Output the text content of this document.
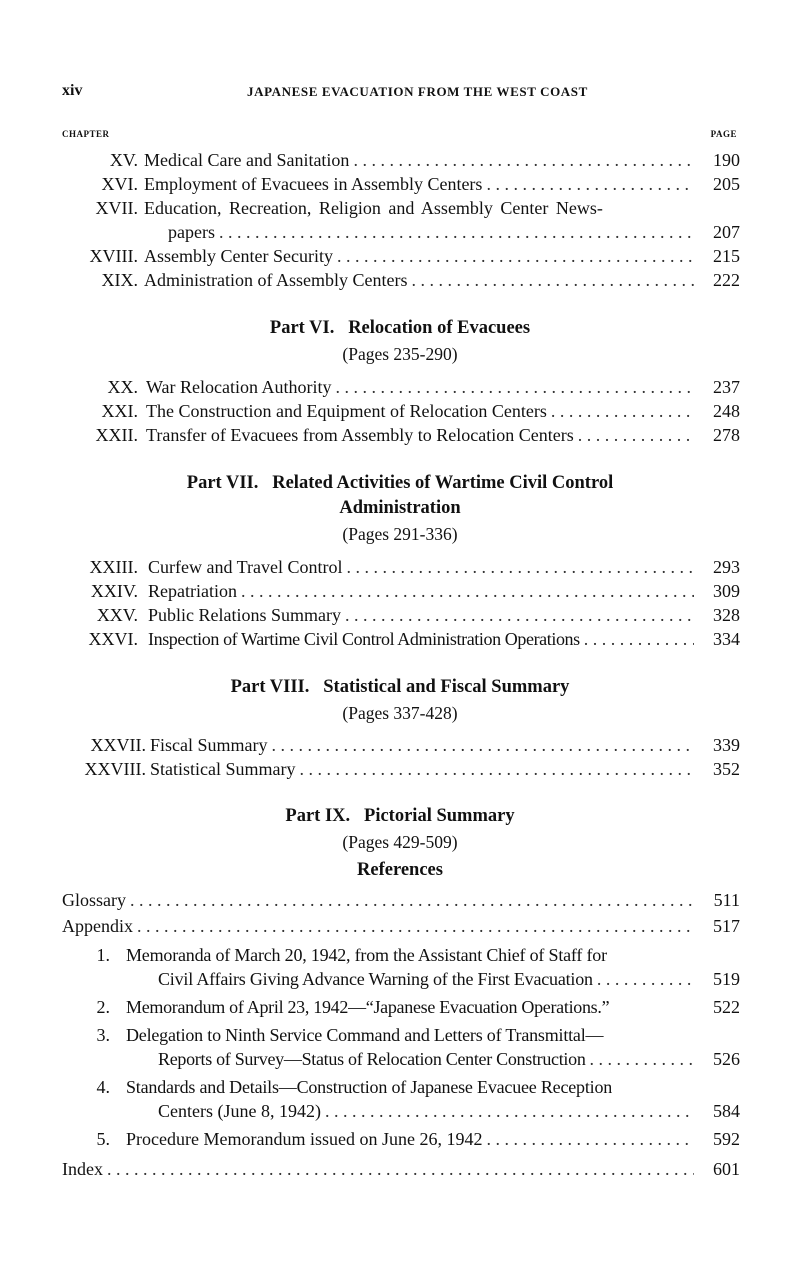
xiv	JAPANESE EVACUATION FROM THE WEST COAST
CHAPTER	PAGE
XV. Medical Care and Sanitation . . .	190
XVI. Employment of Evacuees in Assembly Centers . . .	205
XVII. Education, Recreation, Religion and Assembly Center News-
papers . . .	207
XVIII. Assembly Center Security . . .	215
XIX. Administration of Assembly Centers . . .	222
Part VI.   Relocation of Evacuees
(Pages 235-290)
XX. War Relocation Authority . . .	237
XXI. The Construction and Equipment of Relocation Centers . . .	248
XXII. Transfer of Evacuees from Assembly to Relocation Centers . . .	278
Part VII.   Related Activities of Wartime Civil Control
Administration
(Pages 291-336)
XXIII. Curfew and Travel Control . . .	293
XXIV. Repatriation . . .	309
XXV. Public Relations Summary . . .	328
XXVI. Inspection of Wartime Civil Control Administration Operations . . .	334
Part VIII.   Statistical and Fiscal Summary
(Pages 337-428)
XXVII. Fiscal Summary . . .	339
XXVIII. Statistical Summary . . .	352
Part IX.   Pictorial Summary
(Pages 429-509)
References
Glossary . . .	511
Appendix . . .	517
1. Memoranda of March 20, 1942, from the Assistant Chief of Staff for
Civil Affairs Giving Advance Warning of the First Evacuation . . .	519
2. Memorandum of April 23, 1942—“Japanese Evacuation Operations.”	522
3. Delegation to Ninth Service Command and Letters of Transmittal—
Reports of Survey—Status of Relocation Center Construction . . .	526
4. Standards and Details—Construction of Japanese Evacuee Reception
Centers (June 8, 1942) . . .	584
5. Procedure Memorandum issued on June 26, 1942 . . .	592
Index . . .	601
